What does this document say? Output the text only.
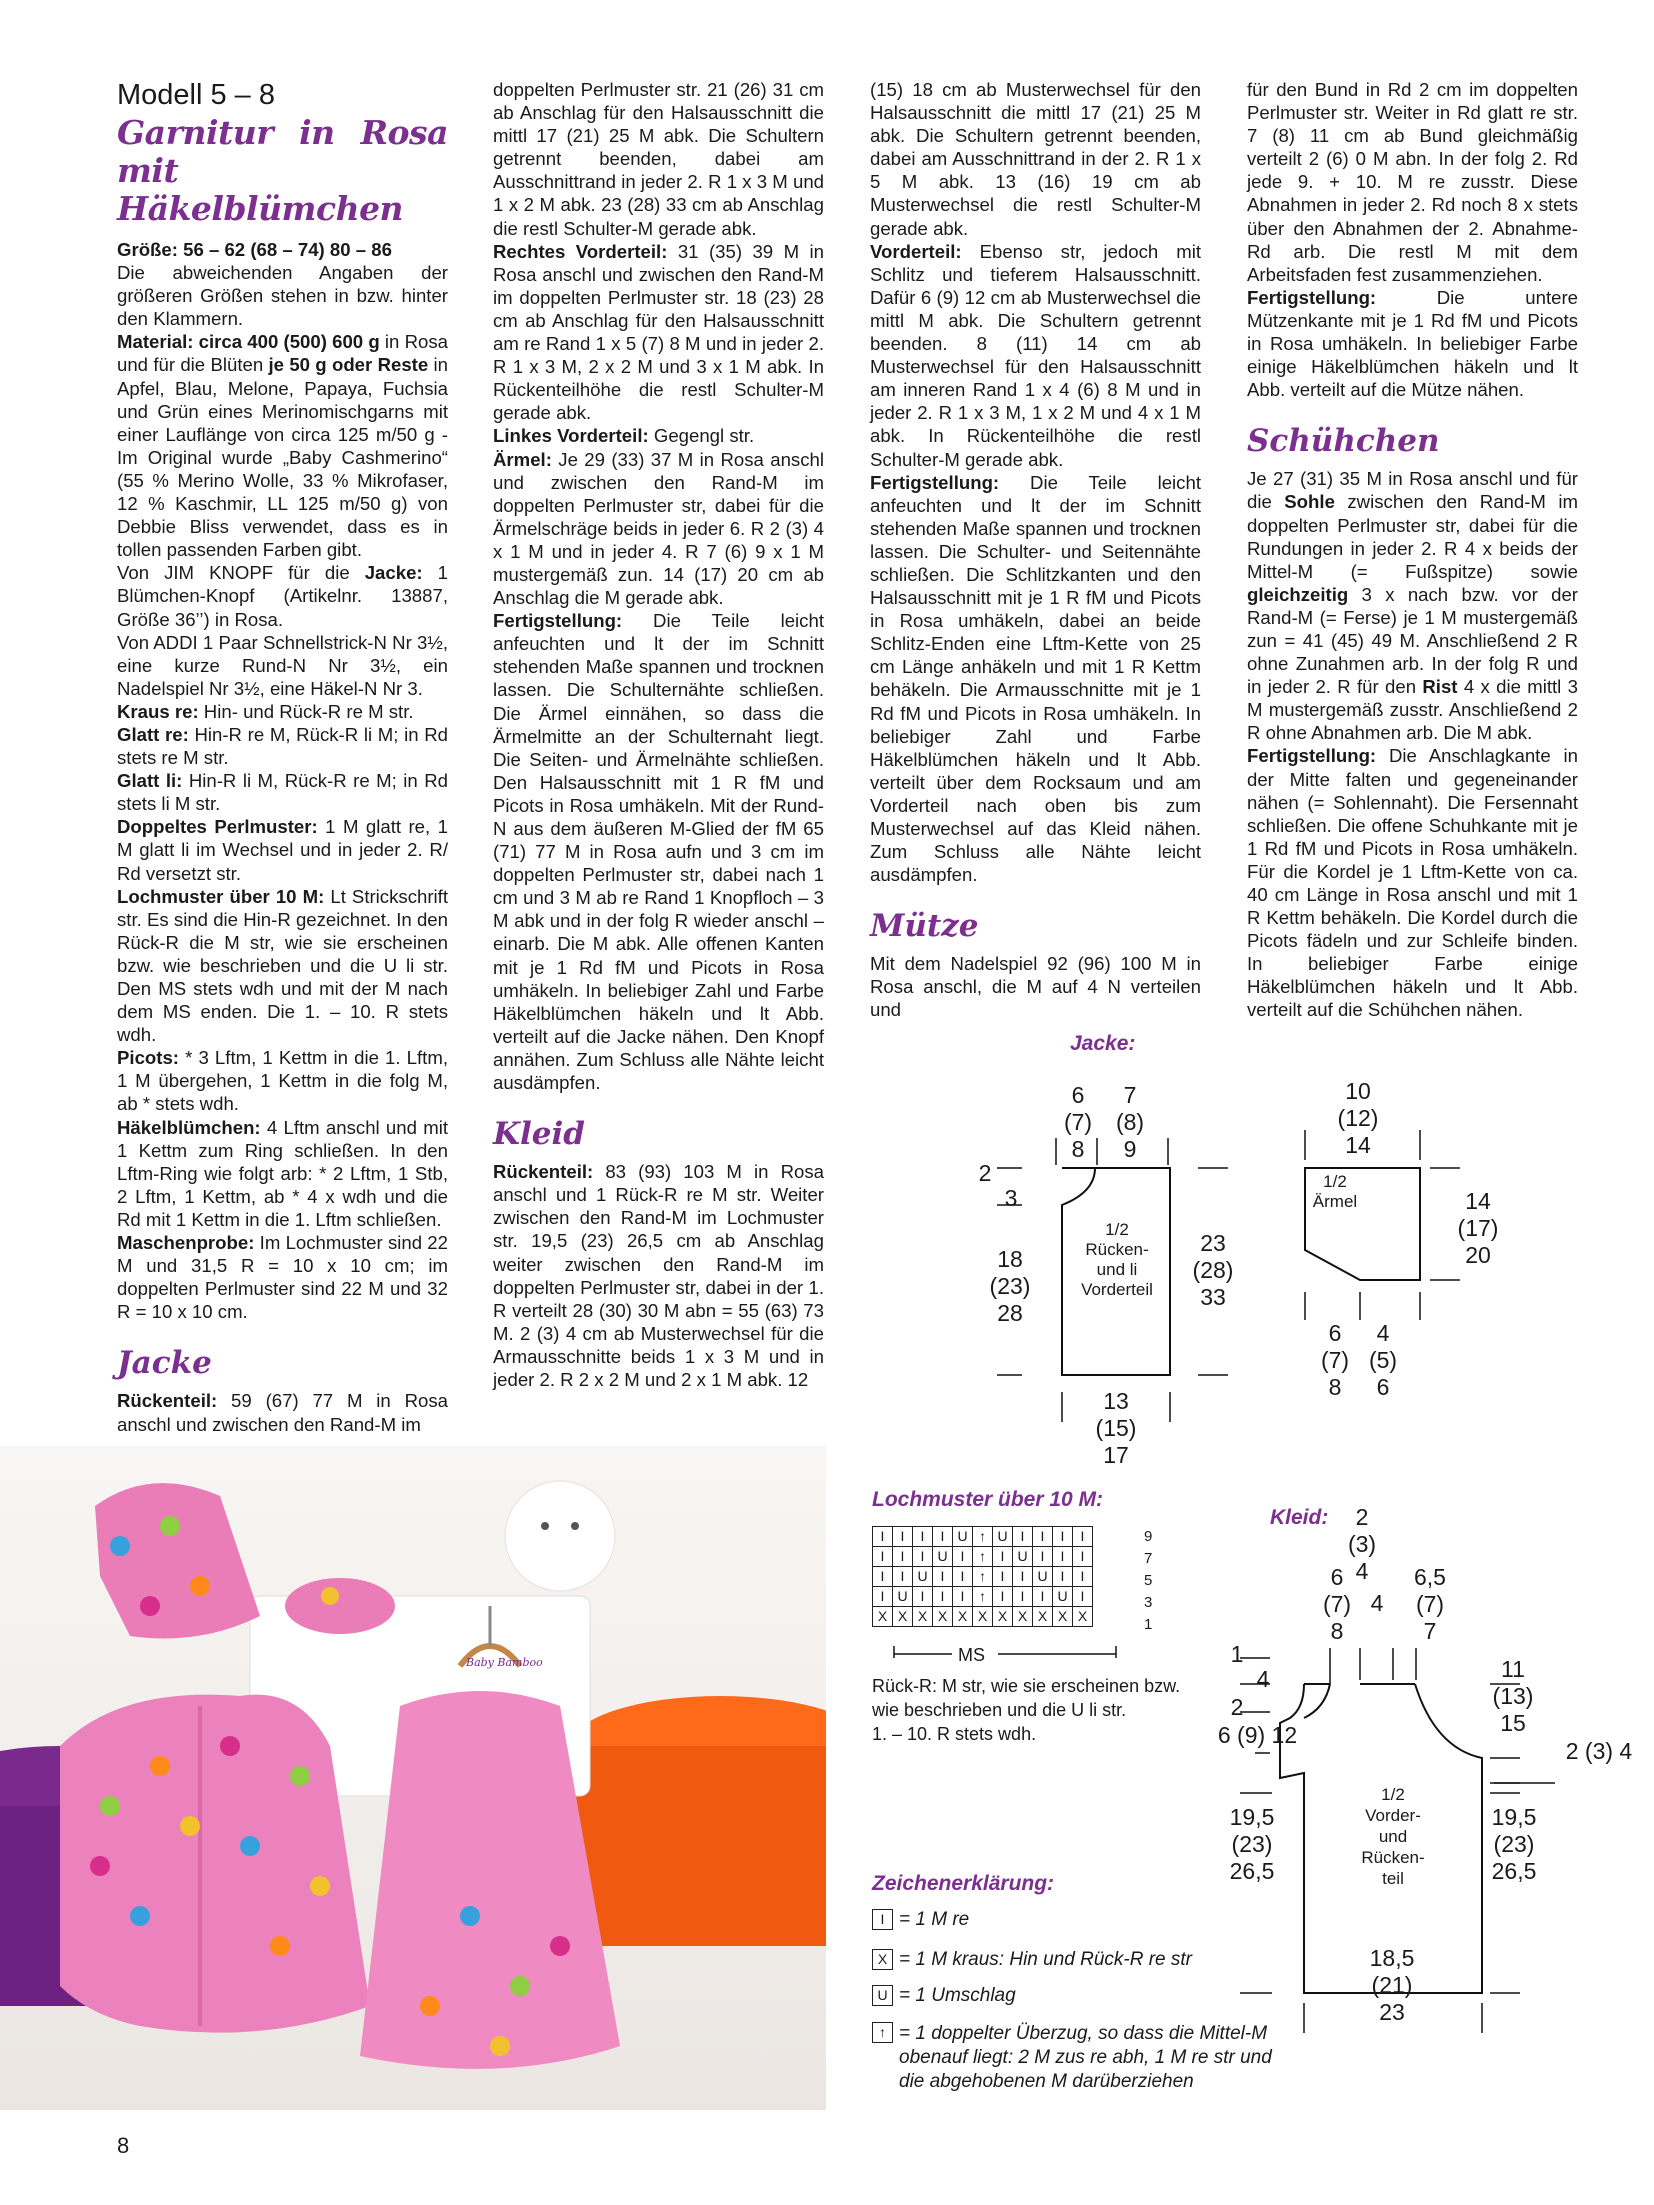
Modell 5 – 8
Garnitur in Rosa mit
Häkelblümchen

Größe: 56 – 62 (68 – 74) 80 – 86
Die abweichenden Angaben der größeren Größen stehen in bzw. hinter den Klammern.

Material: circa 400 (500) 600 g in Rosa und für die Blüten je 50 g oder Reste in Apfel, Blau, Melone, Papaya, Fuchsia und Grün eines Merinomischgarns mit einer Lauflänge von circa 125 m/50 g - Im Original wurde „Baby Cashmerino“ (55 % Merino Wolle, 33 % Mikrofaser, 12 % Kaschmir, LL 125 m/50 g) von Debbie Bliss verwendet, dass es in tollen passenden Farben gibt.

Von JIM KNOPF für die Jacke: 1 Blümchen-Knopf (Artikelnr. 13887, Größe 36’’) in Rosa.

Von ADDI 1 Paar Schnellstrick-N Nr 3½, eine kurze Rund-N Nr 3½, ein Nadelspiel Nr 3½, eine Häkel-N Nr 3.

Kraus re: Hin- und Rück-R re M str.

Glatt re: Hin-R re M, Rück-R li M; in Rd stets re M str.

Glatt li: Hin-R li M, Rück-R re M; in Rd stets li M str.

Doppeltes Perlmuster: 1 M glatt re, 1 M glatt li im Wechsel und in jeder 2. R/ Rd versetzt str.

Lochmuster über 10 M: Lt Strickschrift str. Es sind die Hin-R gezeichnet. In den Rück-R die M str, wie sie erscheinen bzw. wie beschrieben und die U li str. Den MS stets wdh und mit der M nach dem MS enden. Die 1. – 10. R stets wdh.

Picots: * 3 Lftm, 1 Kettm in die 1. Lftm, 1 M übergehen, 1 Kettm in die folg M, ab * stets wdh.

Häkelblümchen: 4 Lftm anschl und mit 1 Kettm zum Ring schließen. In den Lftm-Ring wie folgt arb: * 2 Lftm, 1 Stb, 2 Lftm, 1 Kettm, ab * 4 x wdh und die Rd mit 1 Kettm in die 1. Lftm schließen.

Maschenprobe: Im Lochmuster sind 22 M und 31,5 R = 10 x 10 cm; im doppelten Perlmuster sind 22 M und 32 R = 10 x 10 cm.

Jacke

Rückenteil: 59 (67) 77 M in Rosa anschl und zwischen den Rand-M im

doppelten Perlmuster str. 21 (26) 31 cm ab Anschlag für den Halsausschnitt die mittl 17 (21) 25 M abk. Die Schultern getrennt beenden, dabei am Ausschnittrand in jeder 2. R 1 x 3 M und 1 x 2 M abk. 23 (28) 33 cm ab Anschlag die restl Schulter-M gerade abk.

Rechtes Vorderteil: 31 (35) 39 M in Rosa anschl und zwischen den Rand-M im doppelten Perlmuster str. 18 (23) 28 cm ab Anschlag für den Halsausschnitt am re Rand 1 x 5 (7) 8 M und in jeder 2. R 1 x 3 M, 2 x 2 M und 3 x 1 M abk. In Rückenteilhöhe die restl Schulter-M gerade abk.

Linkes Vorderteil: Gegengl str.

Ärmel: Je 29 (33) 37 M in Rosa anschl und zwischen den Rand-M im doppelten Perlmuster str, dabei für die Ärmelschräge beids in jeder 6. R 2 (3) 4 x 1 M und in jeder 4. R 7 (6) 9 x 1 M mustergemäß zun. 14 (17) 20 cm ab Anschlag die M gerade abk.

Fertigstellung: Die Teile leicht anfeuchten und lt der im Schnitt stehenden Maße spannen und trocknen lassen. Die Schulternähte schließen. Die Ärmel einnähen, so dass die Ärmelmitte an der Schulternaht liegt. Die Seiten- und Ärmelnähte schließen. Den Halsausschnitt mit 1 R fM und Picots in Rosa umhäkeln. Mit der Rund-N aus dem äußeren M-Glied der fM 65 (71) 77 M in Rosa aufn und 3 cm im doppelten Perlmuster str, dabei nach 1 cm und 3 M ab re Rand 1 Knopfloch – 3 M abk und in der folg R wieder anschl – einarb. Die M abk. Alle offenen Kanten mit je 1 Rd fM und Picots in Rosa umhäkeln. In beliebiger Zahl und Farbe Häkelblümchen häkeln und lt Abb. verteilt auf die Jacke nähen. Den Knopf annähen. Zum Schluss alle Nähte leicht ausdämpfen.

Kleid

Rückenteil: 83 (93) 103 M in Rosa anschl und 1 Rück-R re M str. Weiter zwischen den Rand-M im Lochmuster str. 19,5 (23) 26,5 cm ab Anschlag weiter zwischen den Rand-M im doppelten Perlmuster str, dabei in der 1. R verteilt 28 (30) 30 M abn = 55 (63) 73 M. 2 (3) 4 cm ab Musterwechsel für die Armausschnitte beids 1 x 3 M und in jeder 2. R 2 x 2 M und 2 x 1 M abk. 12

(15) 18 cm ab Musterwechsel für den Halsausschnitt die mittl 17 (21) 25 M abk. Die Schultern getrennt beenden, dabei am Ausschnittrand in der 2. R 1 x 5 M abk. 13 (16) 19 cm ab Musterwechsel die restl Schulter-M gerade abk.

Vorderteil: Ebenso str, jedoch mit Schlitz und tieferem Halsausschnitt. Dafür 6 (9) 12 cm ab Musterwechsel die mittl M abk. Die Schultern getrennt beenden. 8 (11) 14 cm ab Musterwechsel für den Halsausschnitt am inneren Rand 1 x 4 (6) 8 M und in jeder 2. R 1 x 3 M, 1 x 2 M und 4 x 1 M abk. In Rückenteilhöhe die restl Schulter-M gerade abk.

Fertigstellung: Die Teile leicht anfeuchten und lt der im Schnitt stehenden Maße spannen und trocknen lassen. Die Schulter- und Seitennähte schließen. Die Schlitzkanten und den Halsausschnitt mit je 1 R fM und Picots in Rosa umhäkeln, dabei an beide Schlitz-Enden eine Lftm-Kette von 25 cm Länge anhäkeln und mit 1 R Kettm behäkeln. Die Armausschnitte mit je 1 Rd fM und Picots in Rosa umhäkeln. In beliebiger Zahl und Farbe Häkelblümchen häkeln und lt Abb. verteilt über dem Rocksaum und am Vorderteil nach oben bis zum Musterwechsel auf das Kleid nähen. Zum Schluss alle Nähte leicht ausdämpfen.

Mütze

Mit dem Nadelspiel 92 (96) 100 M in Rosa anschl, die M auf 4 N verteilen und

für den Bund in Rd 2 cm im doppelten Perlmuster str. Weiter in Rd glatt re str. 7 (8) 11 cm ab Bund gleichmäßig verteilt 2 (6) 0 M abn. In der folg 2. Rd jede 9. + 10. M re zusstr. Diese Abnahmen in jeder 2. Rd noch 8 x stets über den Abnahmen der 2. Abnahme-Rd arb. Die restl M mit dem Arbeitsfaden fest zusammenziehen.

Fertigstellung: Die untere Mützenkante mit je 1 Rd fM und Picots in Rosa umhäkeln. In beliebiger Farbe einige Häkelblümchen häkeln und lt Abb. verteilt auf die Mütze nähen.

Schühchen

Je 27 (31) 35 M in Rosa anschl und für die Sohle zwischen den Rand-M im doppelten Perlmuster str, dabei für die Rundungen in jeder 2. R 4 x beids der Mittel-M (= Fußspitze) sowie gleichzeitig 3 x nach bzw. vor der Rand-M (= Ferse) je 1 M mustergemäß zun = 41 (45) 49 M. Anschließend 2 R ohne Zunahmen arb. In der folg R und in jeder 2. R für den Rist 4 x die mittl 3 M mustergemäß zusstr. Anschließend 2 R ohne Abnahmen arb. Die M abk.

Fertigstellung: Die Anschlagkante in der Mitte falten und gegeneinander nähen (= Sohlennaht). Die Fersennaht schließen. Die offene Schuhkante mit je 1 Rd fM und Picots in Rosa umhäkeln. Für die Kordel je 1 Lftm-Kette von ca. 40 cm Länge in Rosa anschl und mit 1 R Kettm behäkeln. Die Kordel durch die Picots fädeln und zur Schleife binden. In beliebiger Farbe einige Häkelblümchen häkeln und lt Abb. verteilt auf die Schühchen nähen.

Jacke:
6
(7)
8
7
(8)
9
2
3
18
(23)
28
1/2
Rücken-
und li
Vorderteil
23
(28)
33
13
(15)
17
10
(12)
14
1/2
Ärmel	14
(17)
20
6
(7)
8
4
(5)
6
Lochmuster über 10 M:
I	I	I	I	U	↑	U	I	I	I	I
I	I	I	U	I	↑	I	U	I	I	I
I	I	U	I	I	↑	I	I	U	I	I
I	U	I	I	I	↑	I	I	I	U	I
X	X	X	X	X	X	X	X	X	X	X
9
7
5
3
1
MS
Rück-R: M str, wie sie erscheinen bzw. wie beschrieben und die U li str.
1. – 10. R stets wdh.
Zeichenerklärung:
I = 1 M re
X = 1 M kraus: Hin und Rück-R re str
U = 1 Umschlag
↑ = 1 doppelter Überzug, so dass die Mittel-M obenauf liegt: 2 M zus re abh, 1 M re str und die abgehobenen M darüberziehen
Kleid:	2
(3)
4
6
(7)
8
4
6,5
(7)
7
1
4
2
6 (9) 12
11
(13)
15
2 (3) 4
1/2
Vorder-
und
Rücken-
teil
19,5
(23)
26,5
19,5
(23)
26,5
18,5
(21)
23
Baby Bamboo
8
